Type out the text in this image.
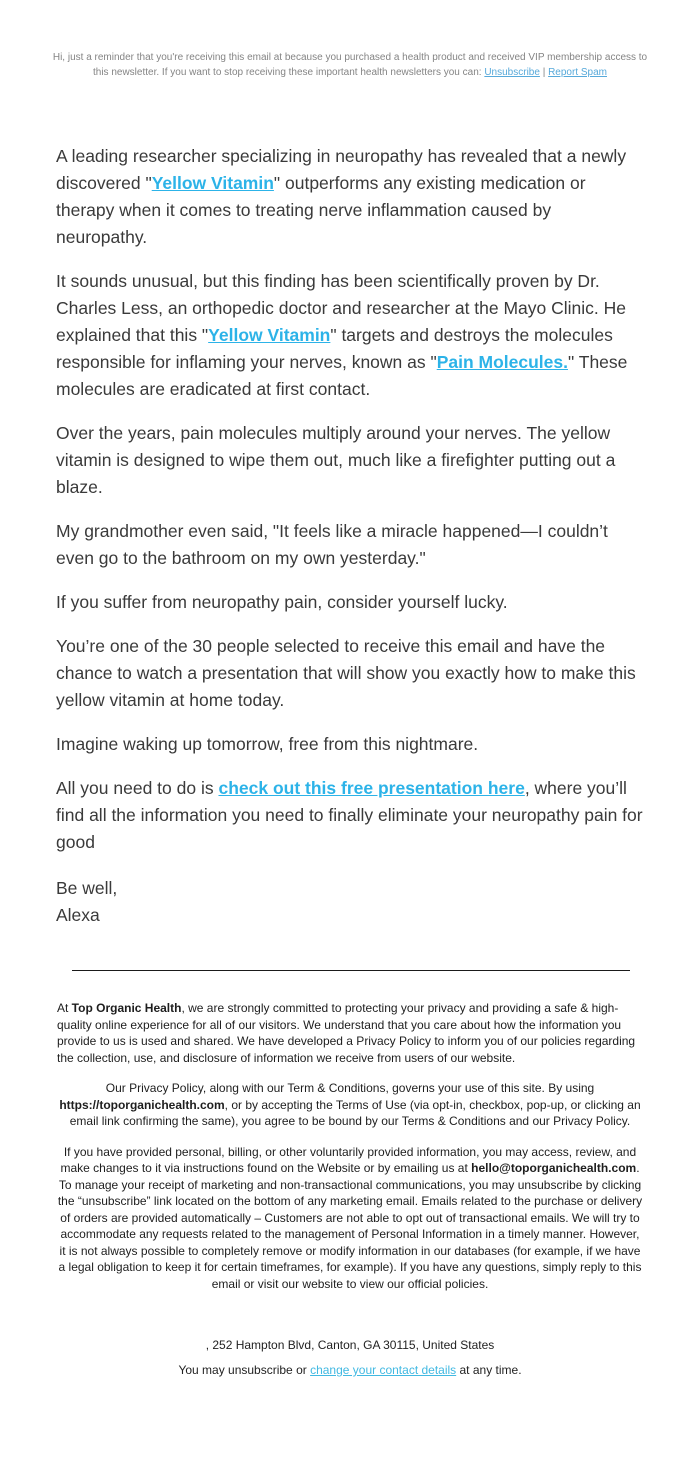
Hi, just a reminder that you're receiving this email at because you purchased a health product and received VIP membership access to this newsletter. If you want to stop receiving these important health newsletters you can: Unsubscribe | Report Spam

A leading researcher specializing in neuropathy has revealed that a newly discovered "Yellow Vitamin" outperforms any existing medication or therapy when it comes to treating nerve inflammation caused by neuropathy.

It sounds unusual, but this finding has been scientifically proven by Dr. Charles Less, an orthopedic doctor and researcher at the Mayo Clinic. He explained that this "Yellow Vitamin" targets and destroys the molecules responsible for inflaming your nerves, known as "Pain Molecules." These molecules are eradicated at first contact.

Over the years, pain molecules multiply around your nerves. The yellow vitamin is designed to wipe them out, much like a firefighter putting out a blaze.

My grandmother even said, "It feels like a miracle happened—I couldn’t even go to the bathroom on my own yesterday."

If you suffer from neuropathy pain, consider yourself lucky.

You’re one of the 30 people selected to receive this email and have the chance to watch a presentation that will show you exactly how to make this yellow vitamin at home today.

Imagine waking up tomorrow, free from this nightmare.

All you need to do is check out this free presentation here, where you’ll find all the information you need to finally eliminate your neuropathy pain for good

Be well,
Alexa

At Top Organic Health, we are strongly committed to protecting your privacy and providing a safe & high-quality online experience for all of our visitors. We understand that you care about how the information you provide to us is used and shared. We have developed a Privacy Policy to inform you of our policies regarding the collection, use, and disclosure of information we receive from users of our website.

Our Privacy Policy, along with our Term & Conditions, governs your use of this site. By using https://toporganichealth.com, or by accepting the Terms of Use (via opt-in, checkbox, pop-up, or clicking an email link confirming the same), you agree to be bound by our Terms & Conditions and our Privacy Policy.

If you have provided personal, billing, or other voluntarily provided information, you may access, review, and make changes to it via instructions found on the Website or by emailing us at hello@toporganichealth.com. To manage your receipt of marketing and non-transactional communications, you may unsubscribe by clicking the “unsubscribe” link located on the bottom of any marketing email. Emails related to the purchase or delivery of orders are provided automatically – Customers are not able to opt out of transactional emails. We will try to accommodate any requests related to the management of Personal Information in a timely manner. However, it is not always possible to completely remove or modify information in our databases (for example, if we have a legal obligation to keep it for certain timeframes, for example). If you have any questions, simply reply to this email or visit our website to view our official policies.

, 252 Hampton Blvd, Canton, GA 30115, United States
You may unsubscribe or change your contact details at any time.
